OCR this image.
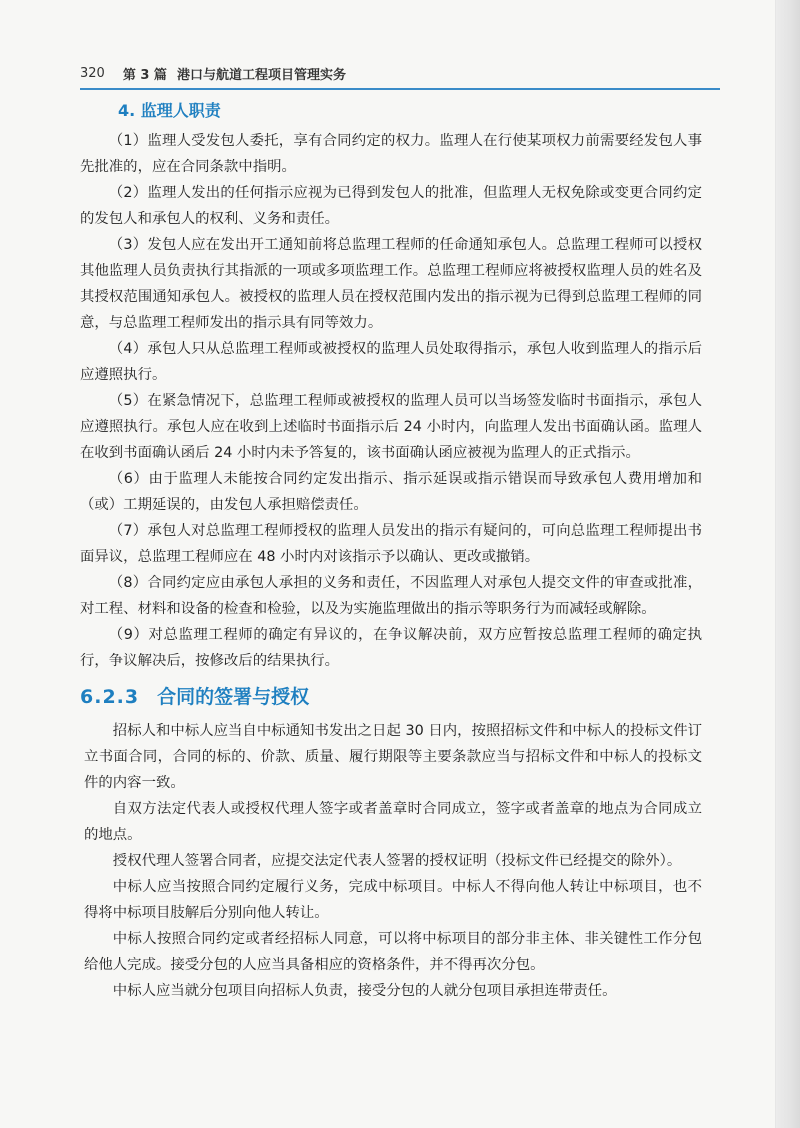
320 第 3 篇 港口与航道工程项目管理实务
4. 监理人职责

（1）监理人受发包人委托，享有合同约定的权力。监理人在行使某项权力前需要经发包人事先批准的，应在合同条款中指明。

（2）监理人发出的任何指示应视为已得到发包人的批准，但监理人无权免除或变更合同约定的发包人和承包人的权利、义务和责任。

（3）发包人应在发出开工通知前将总监理工程师的任命通知承包人。总监理工程师可以授权其他监理人员负责执行其指派的一项或多项监理工作。总监理工程师应将被授权监理人员的姓名及其授权范围通知承包人。被授权的监理人员在授权范围内发出的指示视为已得到总监理工程师的同意，与总监理工程师发出的指示具有同等效力。

（4）承包人只从总监理工程师或被授权的监理人员处取得指示，承包人收到监理人的指示后应遵照执行。

（5）在紧急情况下，总监理工程师或被授权的监理人员可以当场签发临时书面指示，承包人应遵照执行。承包人应在收到上述临时书面指示后 24 小时内，向监理人发出书面确认函。监理人在收到书面确认函后 24 小时内未予答复的，该书面确认函应被视为监理人的正式指示。

（6）由于监理人未能按合同约定发出指示、指示延误或指示错误而导致承包人费用增加和（或）工期延误的，由发包人承担赔偿责任。

（7）承包人对总监理工程师授权的监理人员发出的指示有疑问的，可向总监理工程师提出书面异议，总监理工程师应在 48 小时内对该指示予以确认、更改或撤销。

（8）合同约定应由承包人承担的义务和责任，不因监理人对承包人提交文件的审查或批准，对工程、材料和设备的检查和检验，以及为实施监理做出的指示等职务行为而减轻或解除。

（9）对总监理工程师的确定有异议的，在争议解决前，双方应暂按总监理工程师的确定执行，争议解决后，按修改后的结果执行。

6.2.3 合同的签署与授权

招标人和中标人应当自中标通知书发出之日起 30 日内，按照招标文件和中标人的投标文件订立书面合同，合同的标的、价款、质量、履行期限等主要条款应当与招标文件和中标人的投标文件的内容一致。

自双方法定代表人或授权代理人签字或者盖章时合同成立，签字或者盖章的地点为合同成立的地点。

授权代理人签署合同者，应提交法定代表人签署的授权证明（投标文件已经提交的除外）。

中标人应当按照合同约定履行义务，完成中标项目。中标人不得向他人转让中标项目，也不得将中标项目肢解后分别向他人转让。

中标人按照合同约定或者经招标人同意，可以将中标项目的部分非主体、非关键性工作分包给他人完成。接受分包的人应当具备相应的资格条件，并不得再次分包。

中标人应当就分包项目向招标人负责，接受分包的人就分包项目承担连带责任。
